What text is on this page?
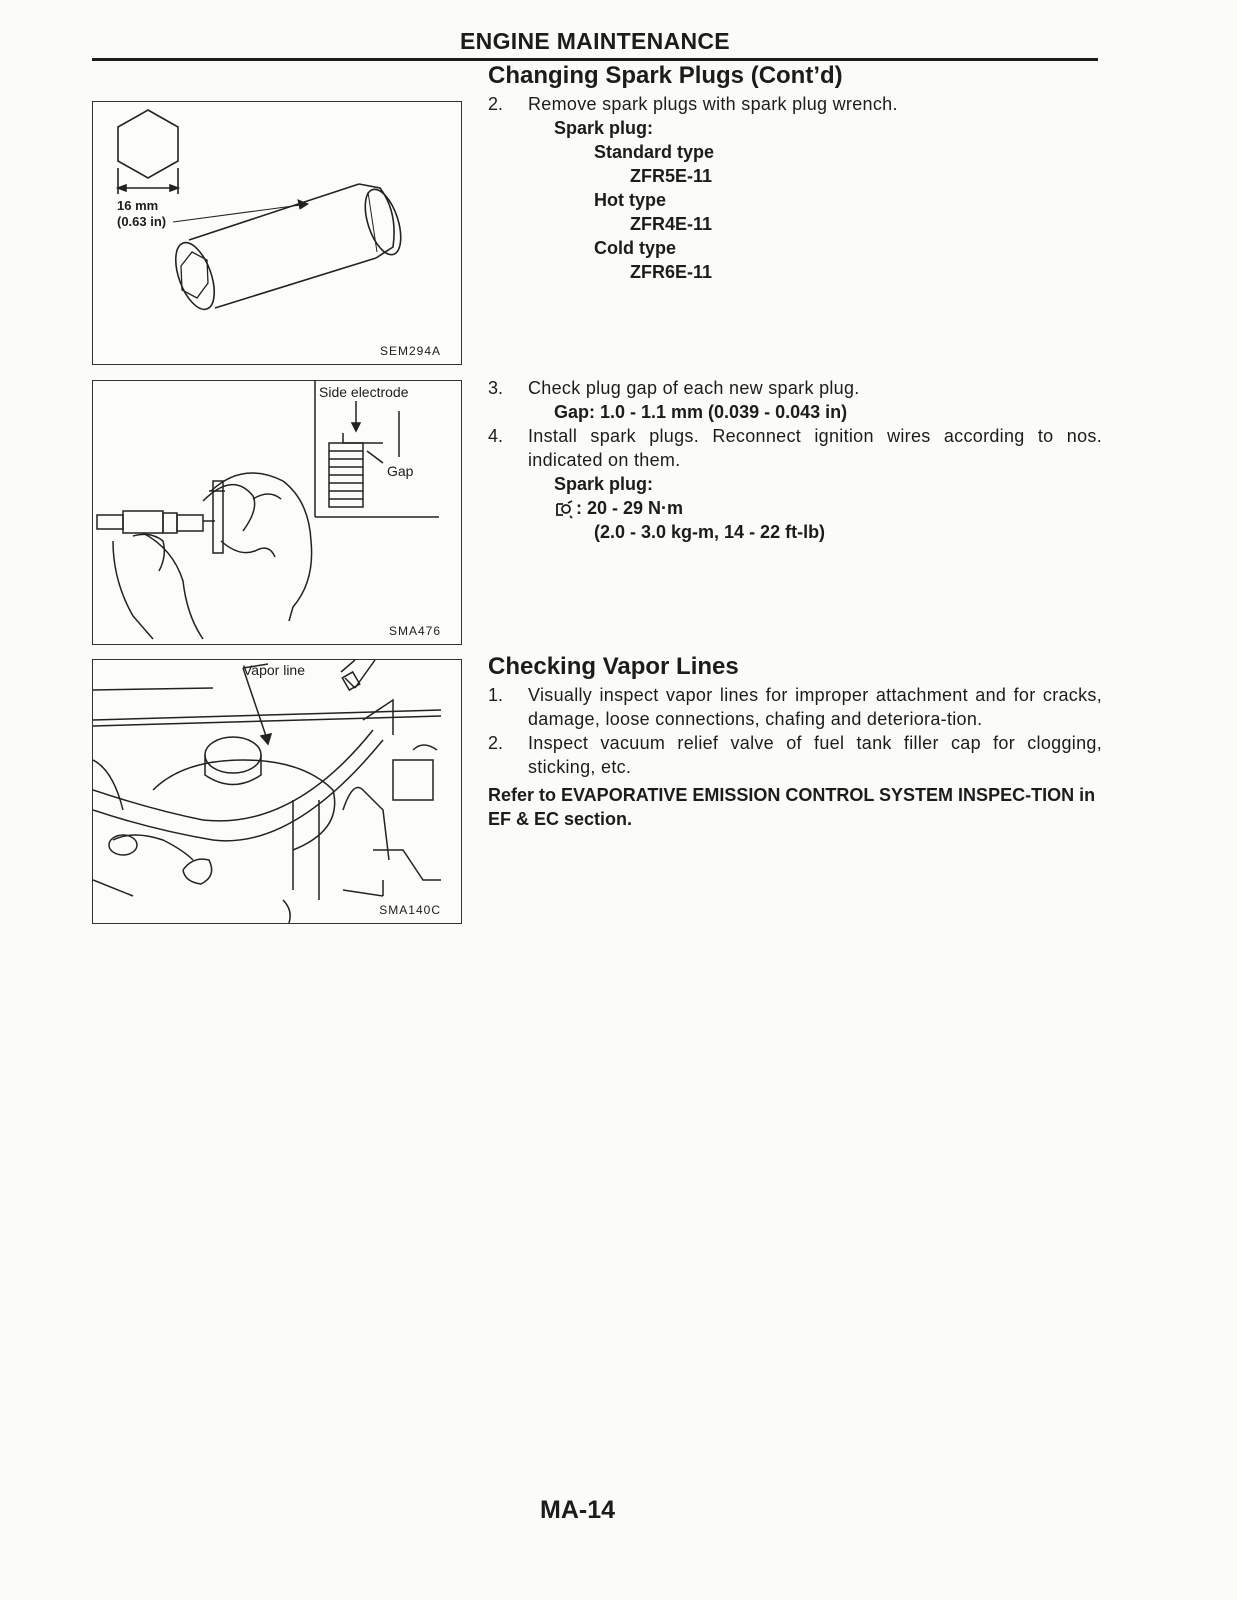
ENGINE MAINTENANCE
16 mm
(0.63 in)
SEM294A
Side electrode
Gap
SMA476
Vapor line
SMA140C
Changing Spark Plugs (Cont’d)
2. Remove spark plugs with spark plug wrench.
Spark plug:
Standard type
ZFR5E-11
Hot type
ZFR4E-11
Cold type
ZFR6E-11
3. Check plug gap of each new spark plug.
Gap: 1.0 - 1.1 mm (0.039 - 0.043 in)
4. Install spark plugs. Reconnect ignition wires according to nos. indicated on them.
Spark plug:
: 20 - 29 N·m
(2.0 - 3.0 kg-m, 14 - 22 ft-lb)
Checking Vapor Lines
1. Visually inspect vapor lines for improper attachment and for cracks, damage, loose connections, chafing and deteriora-tion.
2. Inspect vacuum relief valve of fuel tank filler cap for clogging, sticking, etc.
Refer to EVAPORATIVE EMISSION CONTROL SYSTEM INSPEC-TION in EF & EC section.
MA-14
